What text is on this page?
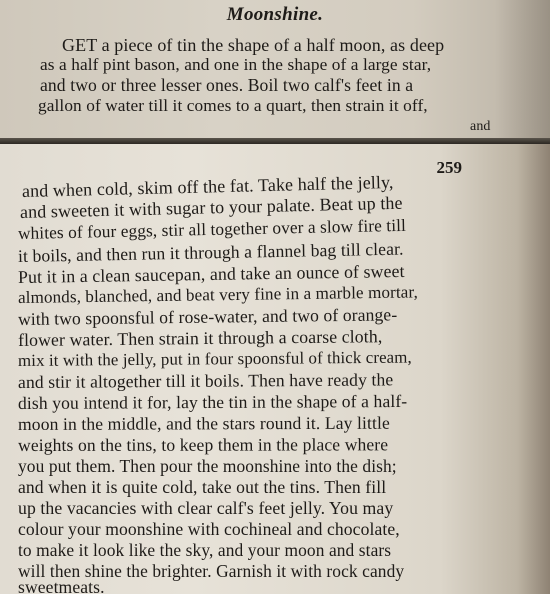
Moonshine.
GET a piece of tin the shape of a half moon, as deep
as a half pint bason, and one in the shape of a large star,
and two or three lesser ones. Boil two calf's feet in a
gallon of water till it comes to a quart, then strain it off,
and
259
and when cold, skim off the fat. Take half the jelly,
and sweeten it with sugar to your palate. Beat up the
whites of four eggs, stir all together over a slow fire till
it boils, and then run it through a flannel bag till clear.
Put it in a clean saucepan, and take an ounce of sweet
almonds, blanched, and beat very fine in a marble mortar,
with two spoonsful of rose-water, and two of orange-
flower water. Then strain it through a coarse cloth,
mix it with the jelly, put in four spoonsful of thick cream,
and stir it altogether till it boils. Then have ready the
dish you intend it for, lay the tin in the shape of a half-
moon in the middle, and the stars round it. Lay little
weights on the tins, to keep them in the place where
you put them. Then pour the moonshine into the dish;
and when it is quite cold, take out the tins. Then fill
up the vacancies with clear calf's feet jelly. You may
colour your moonshine with cochineal and chocolate,
to make it look like the sky, and your moon and stars
will then shine the brighter. Garnish it with rock candy
sweetmeats.
